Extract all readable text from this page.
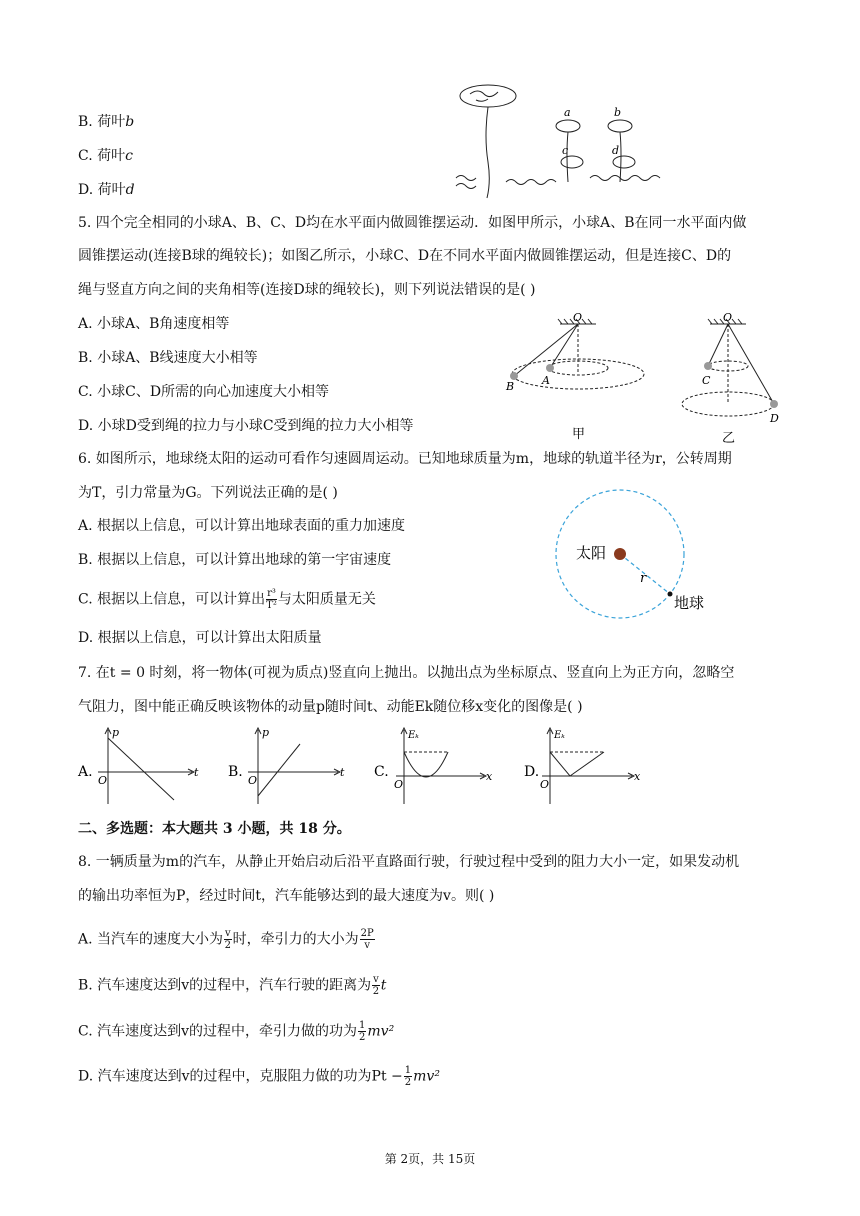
B. 荷叶b
C. 荷叶c
D. 荷叶d
a	b
c	d
5. 四个完全相同的小球A、B、C、D均在水平面内做圆锥摆运动．如图甲所示，小球A、B在同一水平面内做
圆锥摆运动(连接B球的绳较长)；如图乙所示，小球C、D在不同水平面内做圆锥摆运动，但是连接C、D的
绳与竖直方向之间的夹角相等(连接D球的绳较长)，则下列说法错误的是( )
A. 小球A、B角速度相等
B. 小球A、B线速度大小相等
C. 小球C、D所需的向心加速度大小相等
D. 小球D受到绳的拉力与小球C受到绳的拉力大小相等
O	O
B	A	C
D
甲	乙
6. 如图所示，地球绕太阳的运动可看作匀速圆周运动。已知地球质量为m，地球的轨道半径为r，公转周期
为T，引力常量为G。下列说法正确的是( )
A. 根据以上信息，可以计算出地球表面的重力加速度
B. 根据以上信息，可以计算出地球的第一宇宙速度
C. 根据以上信息，可以计算出 $\frac{\text{r³}}{\text{T²}}$ 与太阳质量无关
D. 根据以上信息，可以计算出太阳质量
太阳
r
地球
7. 在t = 0 时刻，将一物体(可视为质点)竖直向上抛出。以抛出点为坐标原点、竖直向上为正方向，忽略空
气阻力，图中能正确反映该物体的动量p随时间t、动能Ek随位移x变化的图像是( )
A.
p
t
O
B.
p
t
O
C.
Eₖ
x
O
D.
Eₖ
x
O
二、多选题：本大题共 3 小题，共 18 分。
8. 一辆质量为m的汽车，从静止开始启动后沿平直路面行驶，行驶过程中受到的阻力大小一定，如果发动机
的输出功率恒为P，经过时间t，汽车能够达到的最大速度为v。则( )
A. 当汽车的速度大小为 $\frac{v}{2}$ 时，牵引力的大小为 $\frac{2P}{v}$
B. 汽车速度达到v的过程中，汽车行驶的距离为 $\frac{v}{2}$ t
C. 汽车速度达到v的过程中，牵引力做的功为 $\frac{1}{2} mv^2$
D. 汽车速度达到v的过程中，克服阻力做的功为$Pt - \frac{1}{2} mv^2$
第 2页，共 15页
